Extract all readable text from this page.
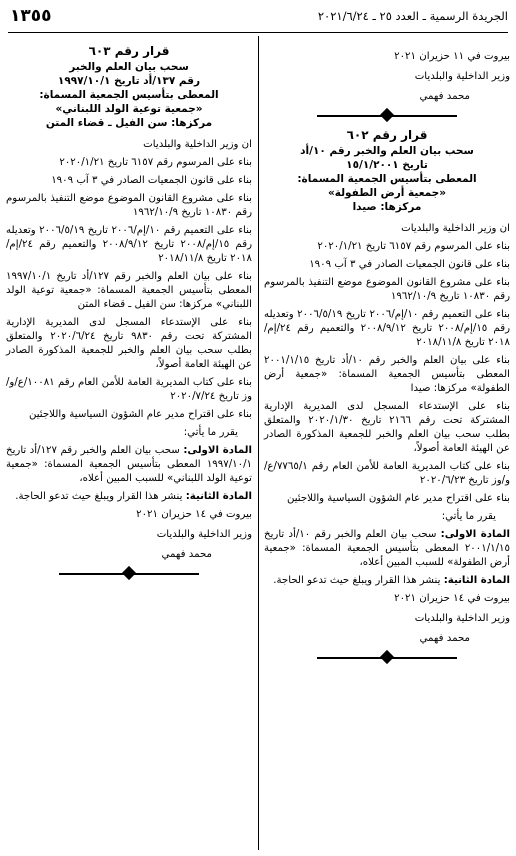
الجريدة الرسمية ـ العدد ٢٥ ـ ٢٠٢١/٦/٢٤
١٣٥٥

بيروت في ١١ حزيران ٢٠٢١

وزير الداخلية والبلديات

محمد فهمي

قرار رقم ٦٠٢

سحب بيان العلم والخبر رقم ١٠/أد

تاريخ ١٥/١/٢٠٠١

المعطى بتأسيس الجمعية المسماة:

«جمعية أرض الطفولة»

مركزها: صيدا

ان وزير الداخلية والبلديات

بناء على المرسوم رقم ٦١٥٧ تاريخ ٢٠٢٠/١/٢١

بناء على قانون الجمعيات الصادر في ٣ آب ١٩٠٩

بناء على مشروع القانون الموضوع موضع التنفيذ بالمرسوم رقم ١٠٨٣٠ تاريخ ١٩٦٢/١٠/٩

بناء على التعميم رقم ١٠/إم/٢٠٠٦ تاريخ ٢٠٠٦/٥/١٩ وتعديله رقم ١٥/إم/٢٠٠٨ تاريخ ٢٠٠٨/٩/١٢ والتعميم رقم ٢٤/إم/٢٠١٨ تاريخ ٢٠١٨/١١/٨

بناء على بيان العلم والخبر رقم ١٠/أد تاريخ ٢٠٠١/١/١٥ المعطى بتأسيس الجمعية المسماة: «جمعية أرض الطفولة» مركزها: صيدا

بناء على الإستدعاء المسجل لدى المديرية الإدارية المشتركة تحت رقم ٢١٦٦ تاريخ ٢٠٢٠/١/٣٠ والمتعلق بطلب سحب بيان العلم والخبر للجمعية المذكورة الصادر عن الهيئة العامة أصولاً،

بناء على كتاب المديرية العامة للأمن العام رقم ٧٧٦٥/١/ع/و/وز تاريخ ٢٠٢٠/٦/٢٣

بناء على اقتراح مدير عام الشؤون السياسية واللاجئين

يقرر ما يأتي:

المادة الاولى: سحب بيان العلم والخبر رقم ١٠/أد تاريخ ٢٠٠١/١/١٥ المعطى بتأسيس الجمعية المسماة: «جمعية أرض الطفولة» للسبب المبين أعلاه،

المادة الثانية: ينشر هذا القرار ويبلغ حيث تدعو الحاجة.

بيروت في ١٤ حزيران ٢٠٢١

وزير الداخلية والبلديات

محمد فهمي

قرار رقم ٦٠٣

سحب بيان العلم والخبر

رقم ١٣٧/أد تاريخ ١٩٩٧/١٠/١

المعطى بتأسيس الجمعية المسماة:

«جمعية توعية الولد اللبناني»

مركزها: سن الفيل ـ قضاء المتن

ان وزير الداخلية والبلديات

بناء على المرسوم رقم ٦١٥٧ تاريخ ٢٠٢٠/١/٢١

بناء على قانون الجمعيات الصادر في ٣ آب ١٩٠٩

بناء على مشروع القانون الموضوع موضع التنفيذ بالمرسوم رقم ١٠٨٣٠ تاريخ ١٩٦٢/١٠/٩

بناء على التعميم رقم ١٠/إم/٢٠٠٦ تاريخ ٢٠٠٦/٥/١٩ وتعديله رقم ١٥/إم/٢٠٠٨ تاريخ ٢٠٠٨/٩/١٢ والتعميم رقم ٢٤/إم/٢٠١٨ تاريخ ٢٠١٨/١١/٨

بناء على بيان العلم والخبر رقم ١٢٧/أد تاريخ ١٩٩٧/١٠/١ المعطى بتأسيس الجمعية المسماة: «جمعية توعية الولد اللبناني» مركزها: سن الفيل ـ قضاء المتن

بناء على الإستدعاء المسجل لدى المديرية الإدارية المشتركة تحت رقم ٩٨٣٠ تاريخ ٢٠٢٠/٦/٢٤ والمتعلق بطلب سحب بيان العلم والخبر للجمعية المذكورة الصادر عن الهيئة العامة أصولاً،

بناء على كتاب المديرية العامة للأمن العام رقم ١٠٠٨١/ع/و/وز تاريخ ٢٠٢٠/٧/٢٤

بناء على اقتراح مدير عام الشؤون السياسية واللاجئين

يقرر ما يأتي:

المادة الاولى: سحب بيان العلم والخبر رقم ١٢٧/أد تاريخ ١٩٩٧/١٠/١ المعطى بتأسيس الجمعية المسماة: «جمعية توعية الولد اللبناني» للسبب المبين أعلاه،

المادة الثانية: ينشر هذا القرار ويبلغ حيث تدعو الحاجة.

بيروت في ١٤ حزيران ٢٠٢١

وزير الداخلية والبلديات

محمد فهمي
